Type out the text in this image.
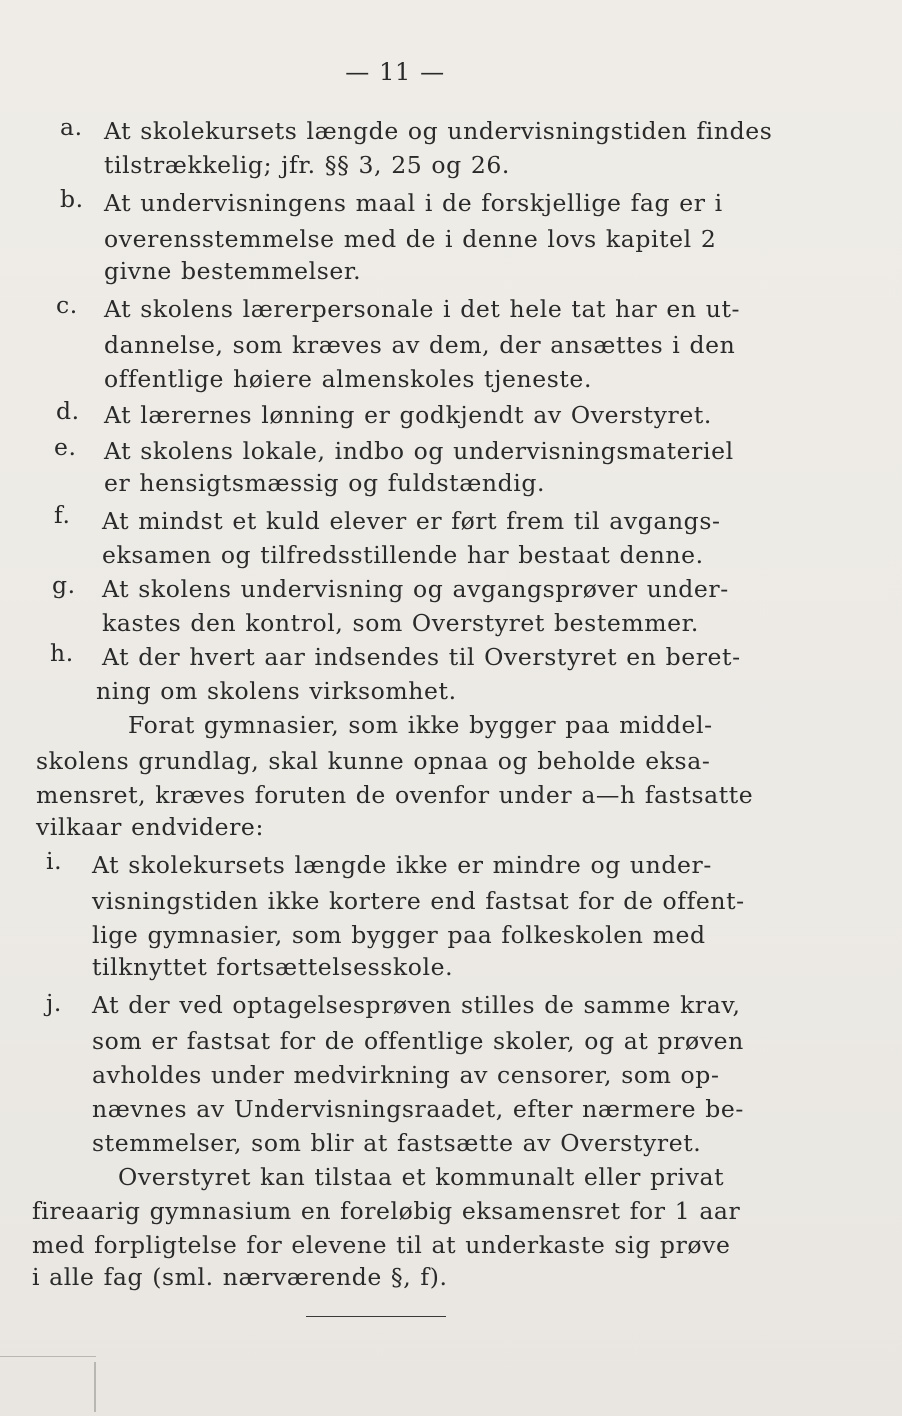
— 11 —
a. At skolekursets længde og undervisningstiden findes
tilstrækkelig; jfr. §§ 3, 25 og 26.
b. At undervisningens maal i de forskjellige fag er i
overensstemmelse med de i denne lovs kapitel 2
givne bestemmelser.
c. At skolens lærerpersonale i det hele tat har en ut-
dannelse, som kræves av dem, der ansættes i den
offentlige høiere almenskoles tjeneste.
d. At lærernes lønning er godkjendt av Overstyret.
e. At skolens lokale, indbo og undervisningsmateriel
er hensigtsmæssig og fuldstændig.
f. At mindst et kuld elever er ført frem til avgangs-
eksamen og tilfredsstillende har bestaat denne.
g. At skolens undervisning og avgangsprøver under-
kastes den kontrol, som Overstyret bestemmer.
h. At der hvert aar indsendes til Overstyret en beret-
ning om skolens virksomhet.
Forat gymnasier, som ikke bygger paa middel-
skolens grundlag, skal kunne opnaa og beholde eksa-
mensret, kræves foruten de ovenfor under a—h fastsatte
vilkaar endvidere:
i. At skolekursets længde ikke er mindre og under-
visningstiden ikke kortere end fastsat for de offent-
lige gymnasier, som bygger paa folkeskolen med
tilknyttet fortsættelsesskole.
j. At der ved optagelsesprøven stilles de samme krav,
som er fastsat for de offentlige skoler, og at prøven
avholdes under medvirkning av censorer, som op-
nævnes av Undervisningsraadet, efter nærmere be-
stemmelser, som blir at fastsætte av Overstyret.
Overstyret kan tilstaa et kommunalt eller privat
fireaarig gymnasium en foreløbig eksamensret for 1 aar
med forpligtelse for elevene til at underkaste sig prøve
i alle fag (sml. nærværende §, f).
